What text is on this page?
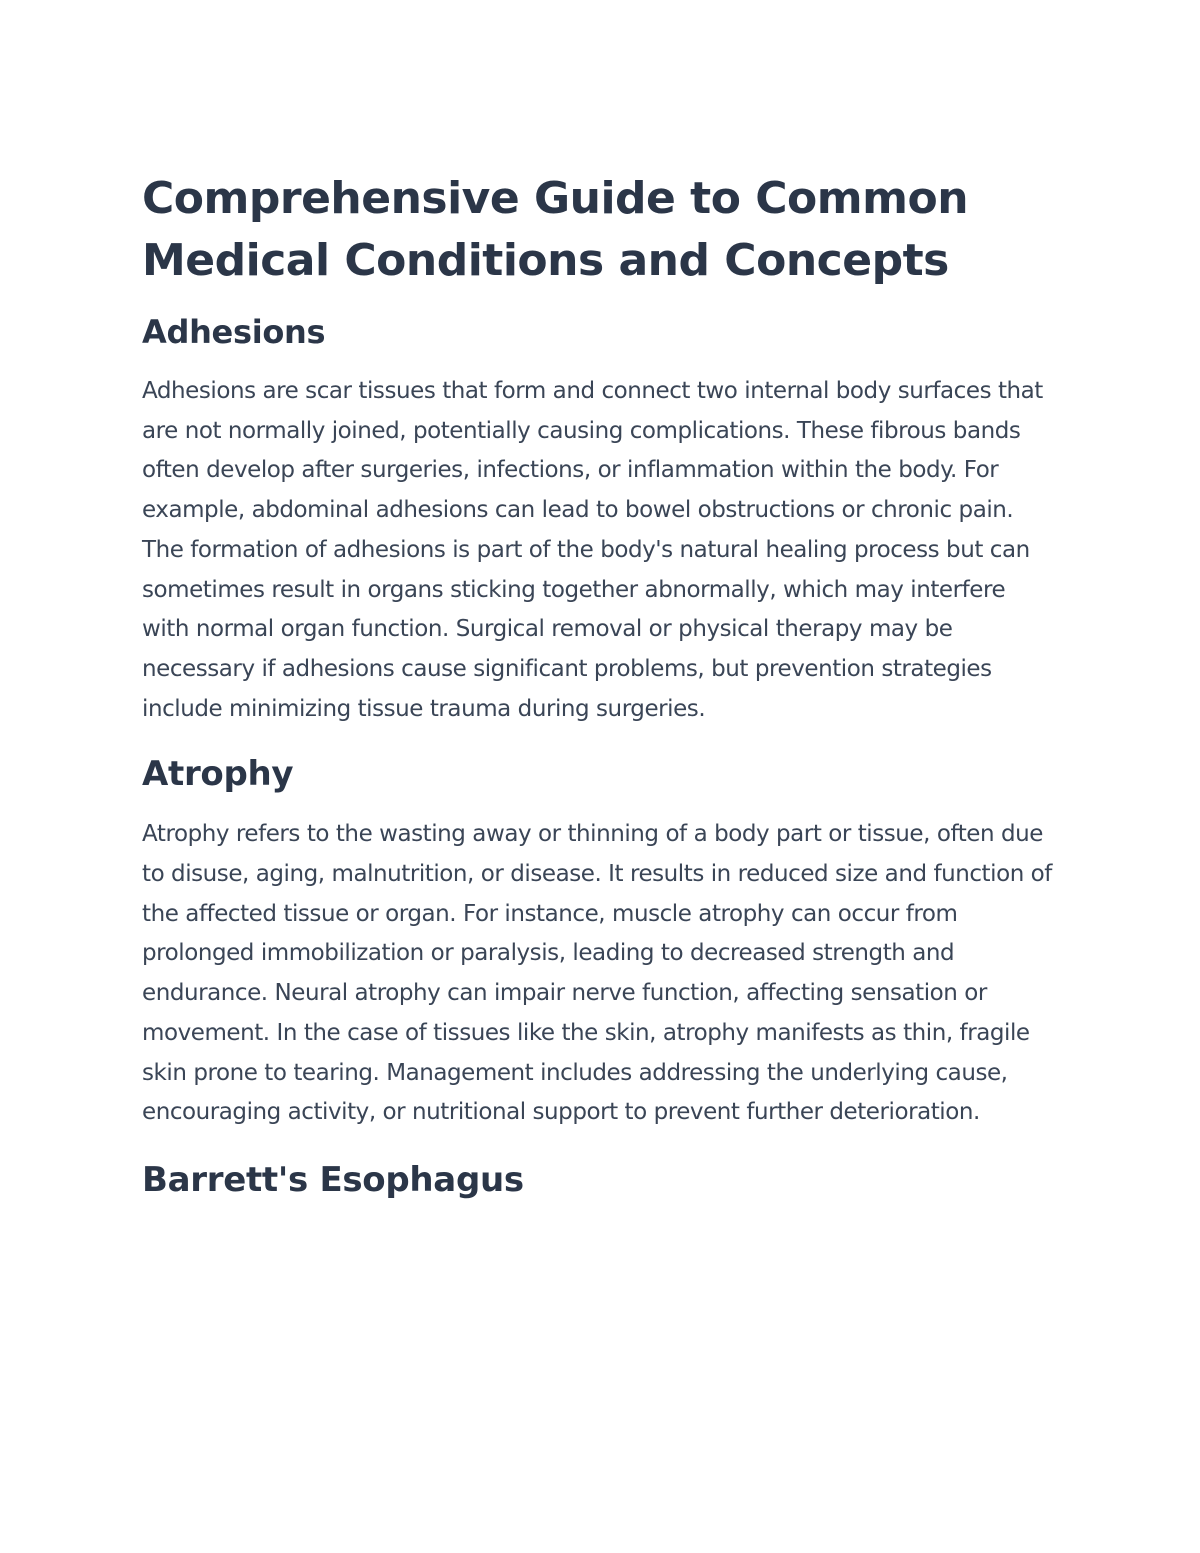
Comprehensive Guide to Common Medical Conditions and Concepts
Adhesions

Adhesions are scar tissues that form and connect two internal body surfaces that are not normally joined, potentially causing complications. These fibrous bands often develop after surgeries, infections, or inflammation within the body. For example, abdominal adhesions can lead to bowel obstructions or chronic pain. The formation of adhesions is part of the body's natural healing process but can sometimes result in organs sticking together abnormally, which may interfere with normal organ function. Surgical removal or physical therapy may be necessary if adhesions cause significant problems, but prevention strategies include minimizing tissue trauma during surgeries.

Atrophy

Atrophy refers to the wasting away or thinning of a body part or tissue, often due to disuse, aging, malnutrition, or disease. It results in reduced size and function of the affected tissue or organ. For instance, muscle atrophy can occur from prolonged immobilization or paralysis, leading to decreased strength and endurance. Neural atrophy can impair nerve function, affecting sensation or movement. In the case of tissues like the skin, atrophy manifests as thin, fragile skin prone to tearing. Management includes addressing the underlying cause, encouraging activity, or nutritional support to prevent further deterioration.

Barrett's Esophagus
